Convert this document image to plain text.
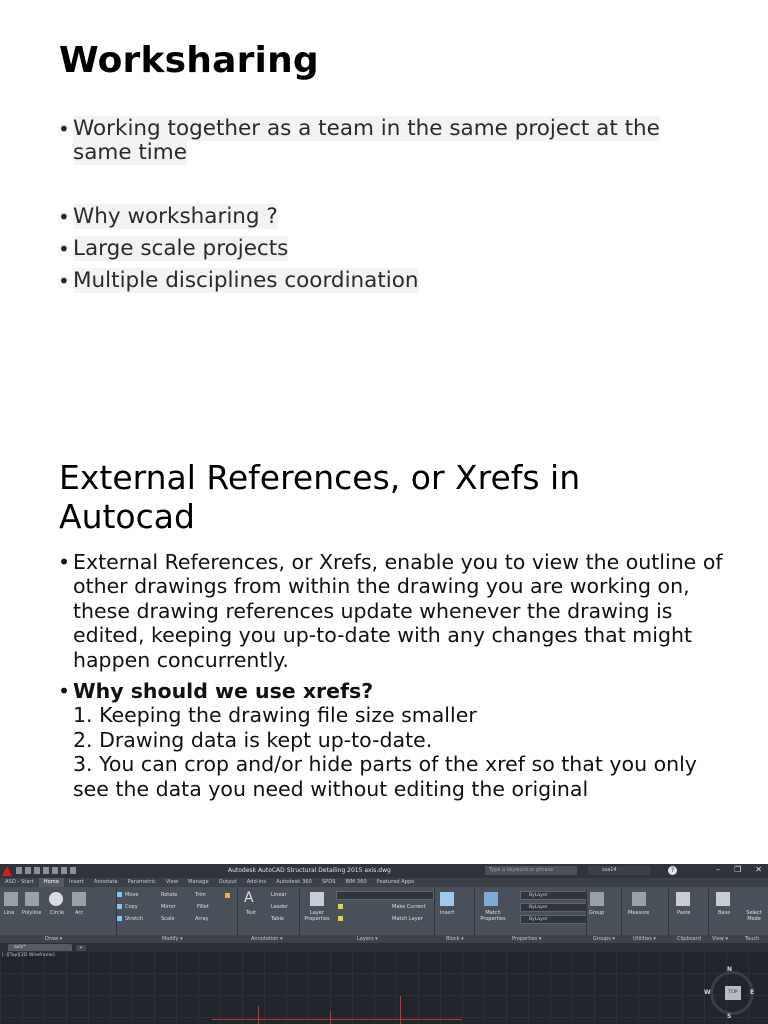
Worksharing
• Working together as a team in the same project at the same time
• Why worksharing ?
• Large scale projects
• Multiple disciplines coordination
External References, or Xrefs in Autocad
• External References, or Xrefs, enable you to view the outline of other drawings from within the drawing you are working on, these drawing references update whenever the drawing is edited, keeping you up-to-date with any changes that might happen concurrently.
• Why should we use xrefs?
1. Keeping the drawing file size smaller
2. Drawing data is kept up-to-date.
3. You can crop and/or hide parts of the xref so that you only see the data you need without editing the original
Autodesk AutoCAD Structural Detailing 2015 axis.dwg	Type a keyword or phrase	ssa14	?	– ❐ ✕
ASD - Start	Home	Insert	Annotate	Parametric	View	Manage	Output	Add-ins	Autodesk 360	SPDS	BIM 360	Featured Apps
Line Polyline Circle Arc
Move	Rotate	Trim
Copy	Mirror	Fillet
Stretch	Scale	Array
A
Text
Linear
Leader
Table
Layer Properties
Make Current
Match Layer
Insert	Match Properties
ByLayer
ByLayer
ByLayer
Group	Measure	Paste	Base	Select Mode
Draw ▾	Modify ▾	Annotation ▾	Layers ▾	Block ▾	Properties ▾	Groups ▾	Utilities ▾	Clipboard View ▾	Touch
axis*	+
[–][Top][2D Wireframe]
TOP
N
W	E
S
